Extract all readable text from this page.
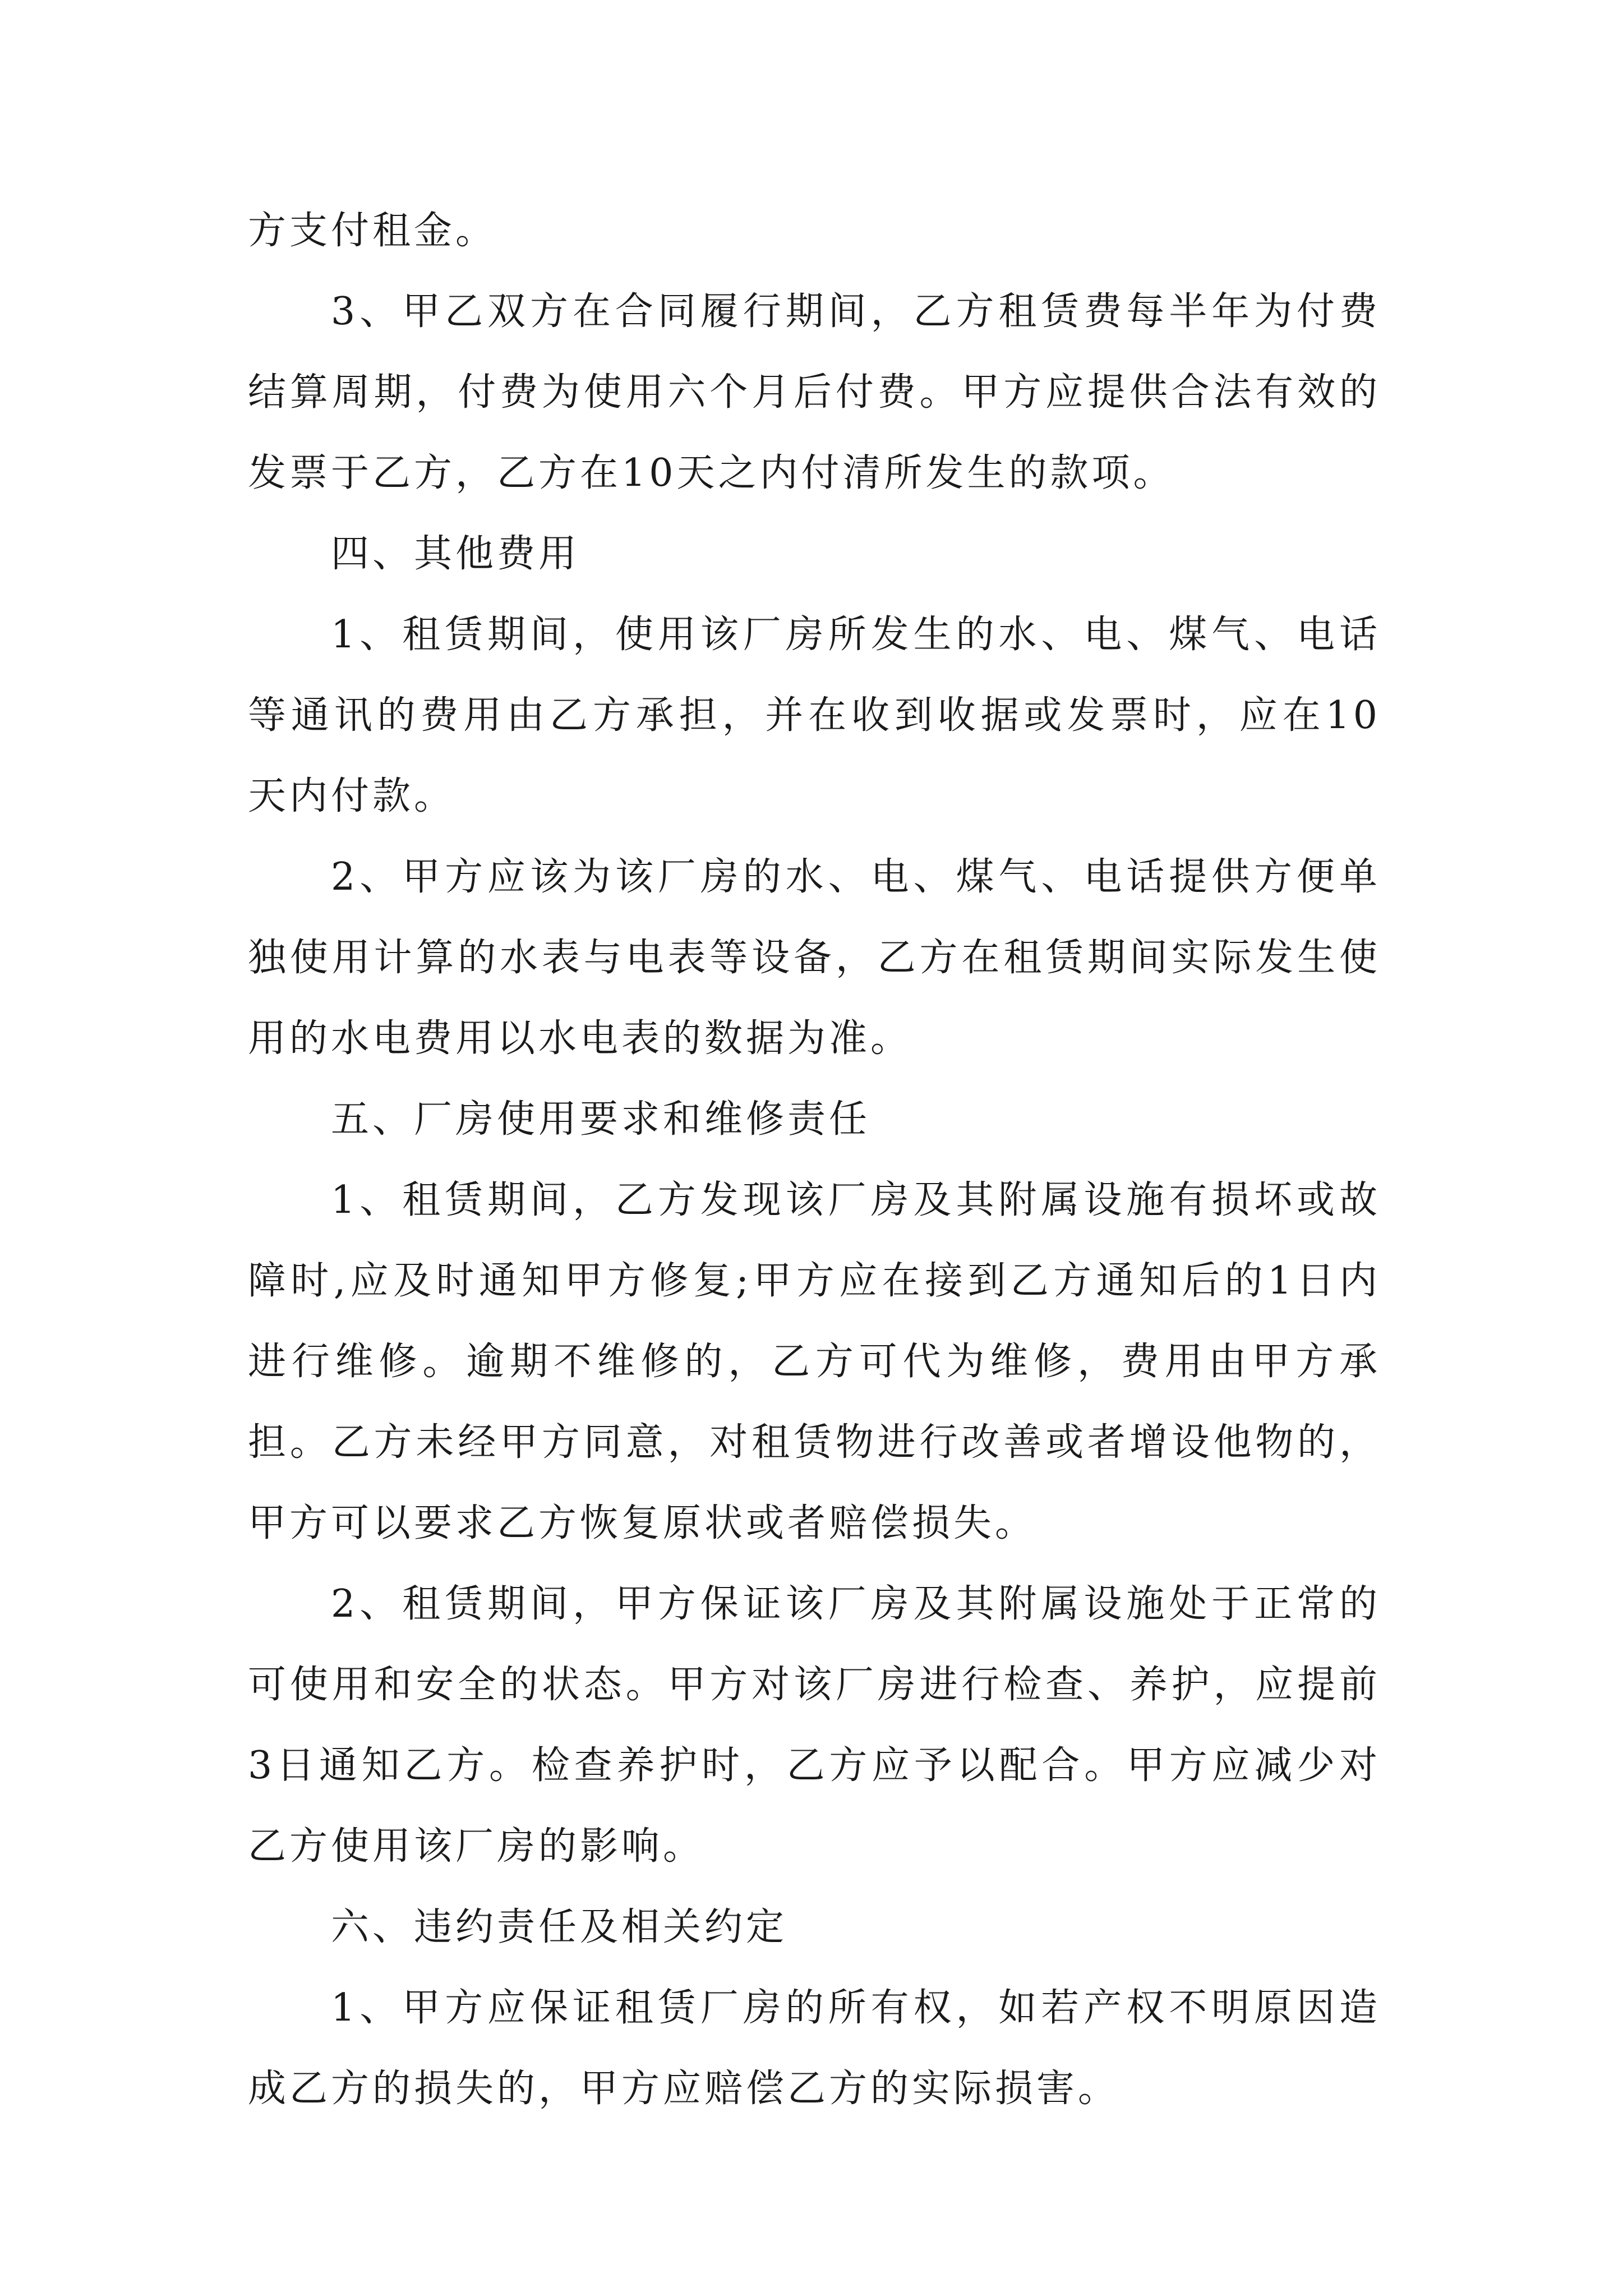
方支付租金。

3、甲乙双方在合同履行期间，乙方租赁费每半年为付费结算周期，付费为使用六个月后付费。甲方应提供合法有效的发票于乙方，乙方在10天之内付清所发生的款项。

四、其他费用

1、租赁期间，使用该厂房所发生的水、电、煤气、电话等通讯的费用由乙方承担，并在收到收据或发票时，应在10天内付款。

2、甲方应该为该厂房的水、电、煤气、电话提供方便单独使用计算的水表与电表等设备，乙方在租赁期间实际发生使用的水电费用以水电表的数据为准。

五、厂房使用要求和维修责任

1、租赁期间，乙方发现该厂房及其附属设施有损坏或故障时,应及时通知甲方修复;甲方应在接到乙方通知后的1日内进行维修。逾期不维修的，乙方可代为维修，费用由甲方承担。乙方未经甲方同意，对租赁物进行改善或者增设他物的，甲方可以要求乙方恢复原状或者赔偿损失。

2、租赁期间，甲方保证该厂房及其附属设施处于正常的可使用和安全的状态。甲方对该厂房进行检查、养护，应提前3日通知乙方。检查养护时，乙方应予以配合。甲方应减少对乙方使用该厂房的影响。

六、违约责任及相关约定

1、甲方应保证租赁厂房的所有权，如若产权不明原因造成乙方的损失的，甲方应赔偿乙方的实际损害。
